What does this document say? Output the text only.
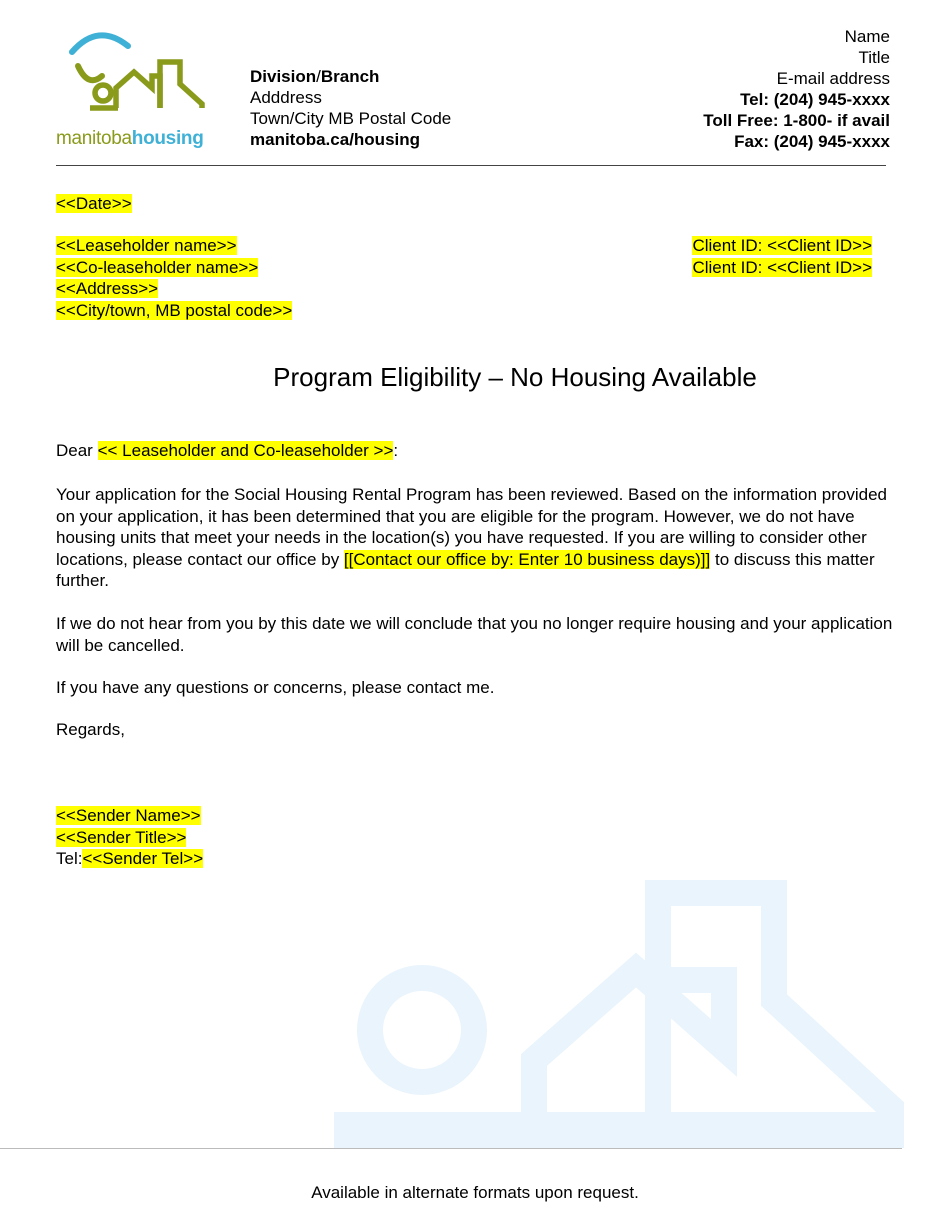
manitobahousing
Division/Branch
Adddress
Town/City MB Postal Code
manitoba.ca/housing
Name
Title
E-mail address
Tel: (204) 945-xxxx
Toll Free: 1-800- if avail
Fax: (204) 945-xxxx
<<Date>>
<<Leaseholder name>>
<<Co-leaseholder name>>
<<Address>>
<<City/town, MB postal code>>
Client ID: <<Client ID>>
Client ID: <<Client ID>>
Program Eligibility – No Housing Available
Dear << Leaseholder and Co-leaseholder >>:
Your application for the Social Housing Rental Program has been reviewed. Based on the information provided on your application, it has been determined that you are eligible for the program. However, we do not have housing units that meet your needs in the location(s) you have requested. If you are willing to consider other locations, please contact our office by [[Contact our office by: Enter 10 business days)]] to discuss this matter further.
If we do not hear from you by this date we will conclude that you no longer require housing and your application will be cancelled.
If you have any questions or concerns, please contact me.
Regards,
<<Sender Name>>
<<Sender Title>>
Tel:<<Sender Tel>>
Available in alternate formats upon request.
